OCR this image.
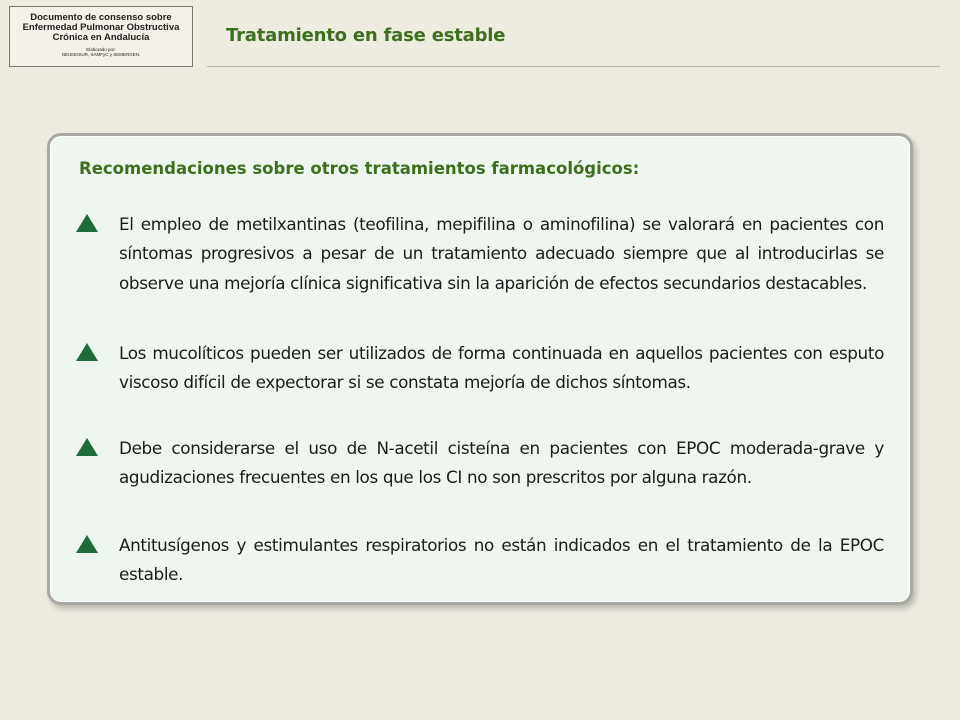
Documento de consenso sobre
Enfermedad Pulmonar Obstructiva
Crónica en Andalucía
Elaborado por:
NEUMOSUR, SAMFyC y SEMERGEN.
Tratamiento en fase estable
Recomendaciones sobre otros tratamientos farmacológicos:
El empleo de metilxantinas (teofilina, mepifilina o aminofilina) se valorará en pacientes con síntomas progresivos a pesar de un tratamiento adecuado siempre que al introducirlas se observe una mejoría clínica significativa sin la aparición de efectos secundarios destacables.
Los mucolíticos pueden ser utilizados de forma continuada en aquellos pacientes con esputo viscoso difícil de expectorar si se constata mejoría de dichos síntomas.
Debe considerarse el uso de N-acetil cisteína en pacientes con EPOC moderada-grave y agudizaciones frecuentes en los que los CI no son prescritos por alguna razón.
Antitusígenos y estimulantes respiratorios no están indicados en el tratamiento de la EPOC estable.
